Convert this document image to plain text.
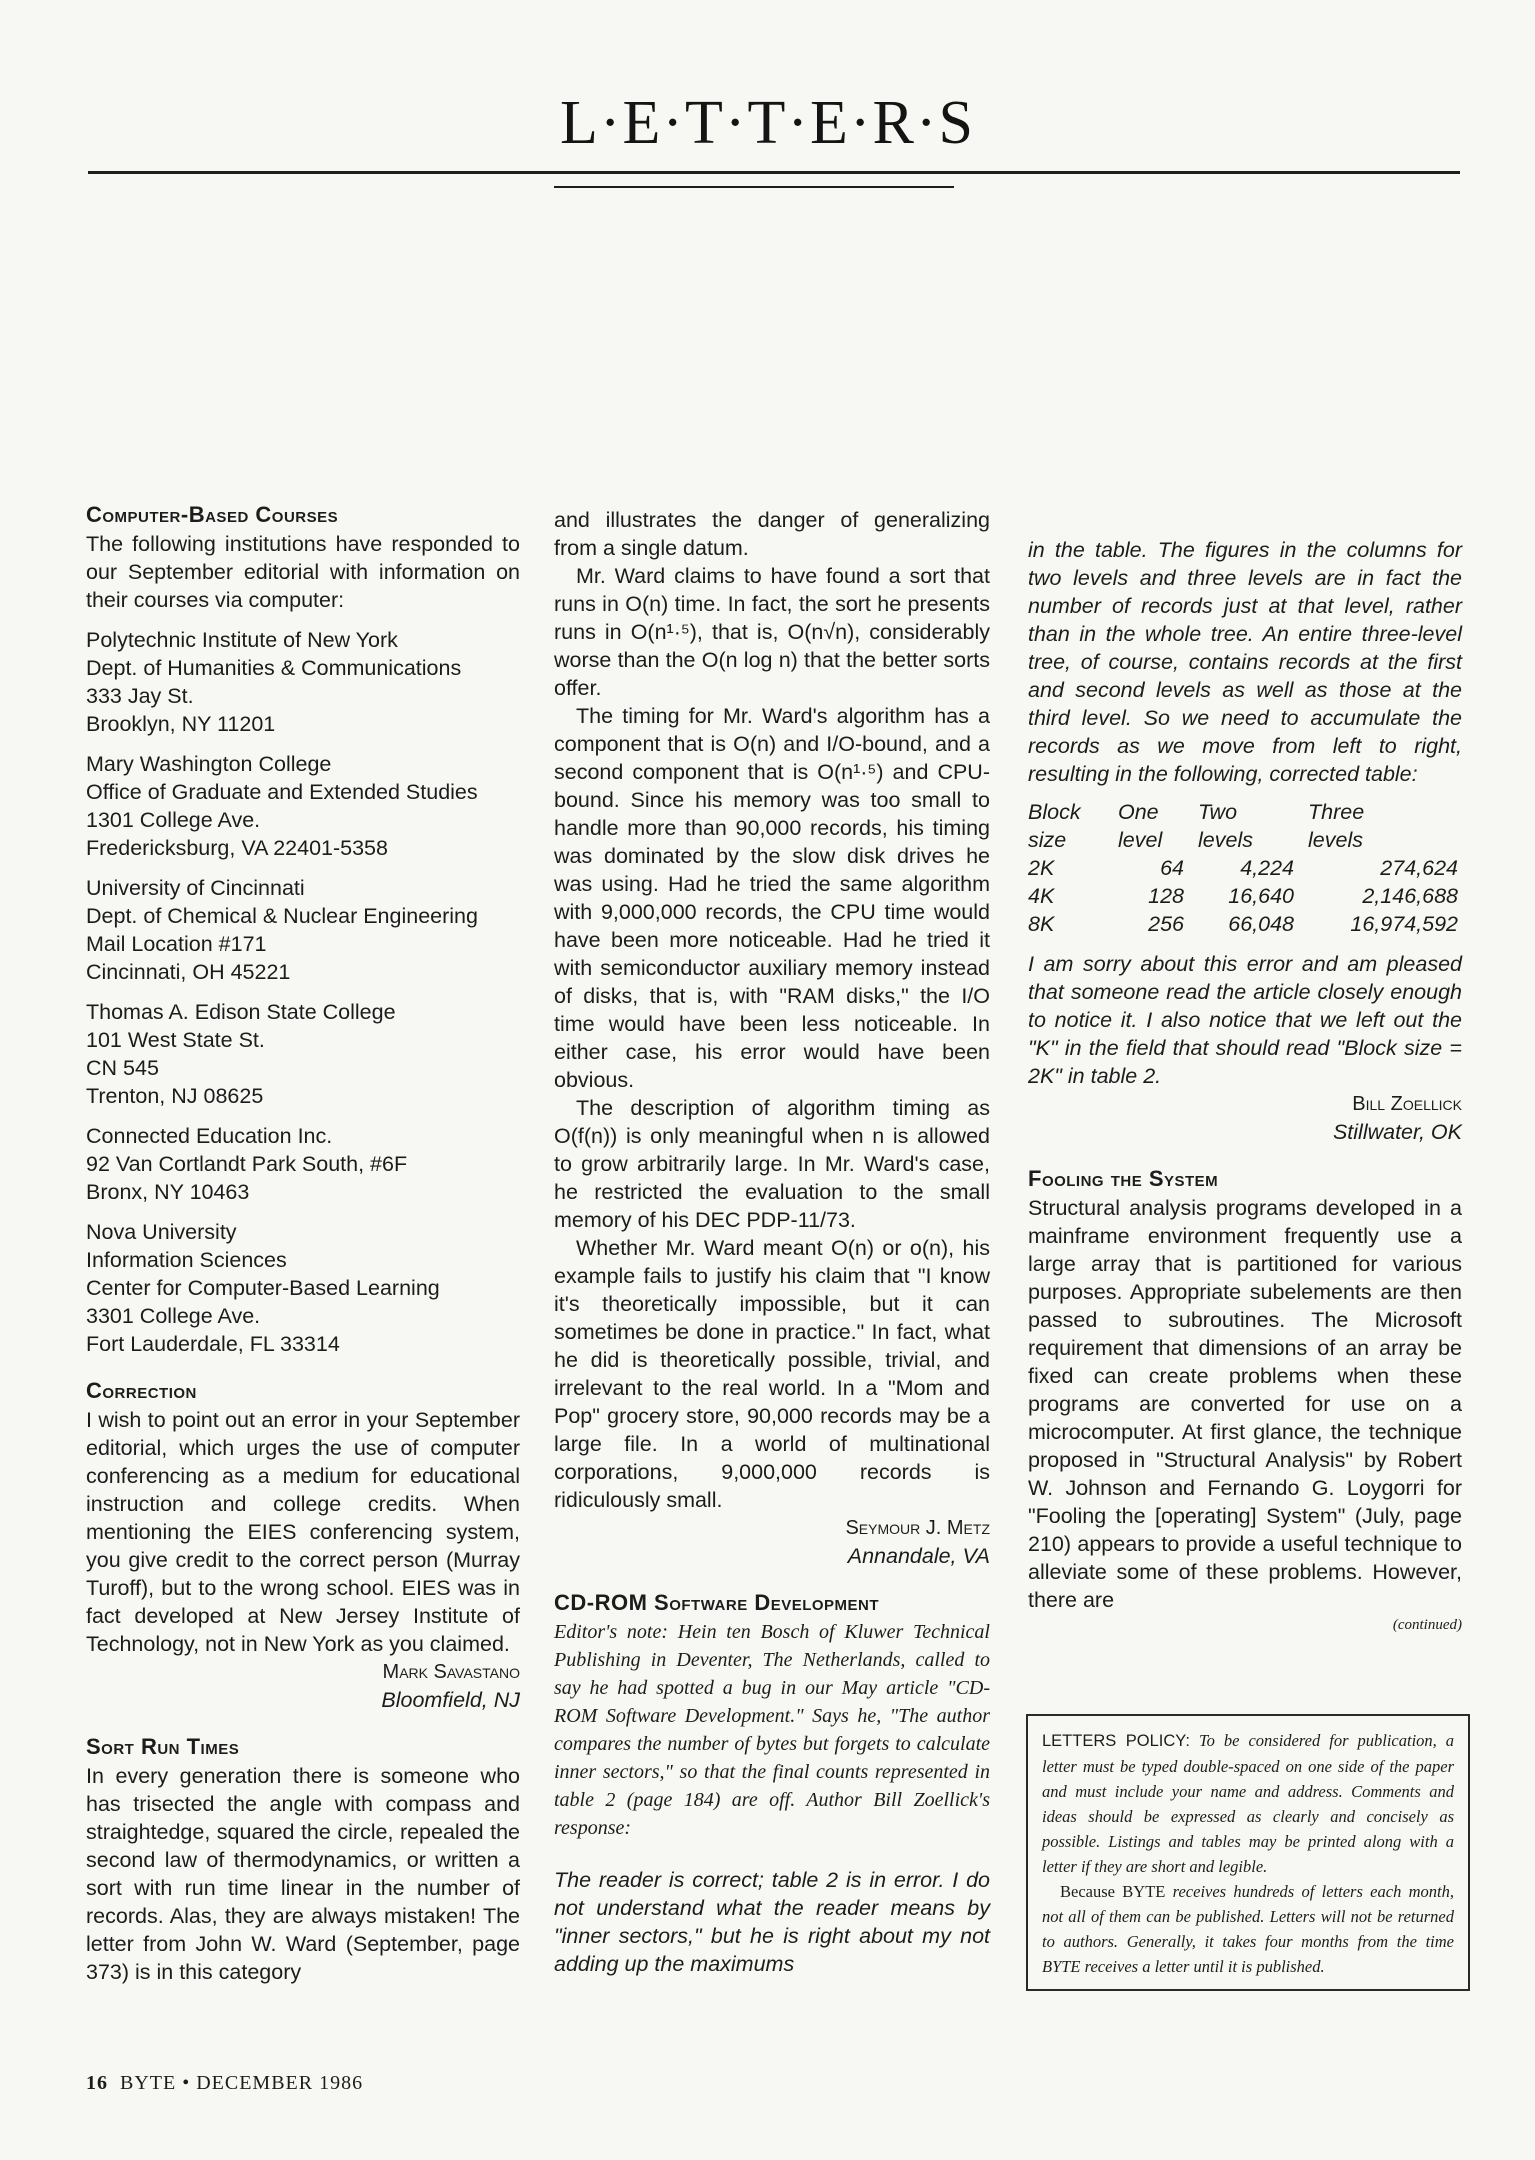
L·E·T·T·E·R·S
Computer-Based Courses

The following institutions have responded to our September editorial with information on their courses via computer:

Polytechnic Institute of New York
Dept. of Humanities & Communications
333 Jay St.
Brooklyn, NY 11201
Mary Washington College
Office of Graduate and Extended Studies
1301 College Ave.
Fredericksburg, VA 22401-5358
University of Cincinnati
Dept. of Chemical & Nuclear Engineering
Mail Location #171
Cincinnati, OH 45221
Thomas A. Edison State College
101 West State St.
CN 545
Trenton, NJ 08625
Connected Education Inc.
92 Van Cortlandt Park South, #6F
Bronx, NY 10463
Nova University
Information Sciences
Center for Computer-Based Learning
3301 College Ave.
Fort Lauderdale, FL 33314
Correction

I wish to point out an error in your September editorial, which urges the use of computer conferencing as a medium for educational instruction and college credits. When mentioning the EIES conferencing system, you give credit to the correct person (Murray Turoff), but to the wrong school. EIES was in fact developed at New Jersey Institute of Technology, not in New York as you claimed.

Mark Savastano
Bloomfield, NJ
Sort Run Times

In every generation there is someone who has trisected the angle with compass and straightedge, squared the circle, repealed the second law of thermodynamics, or written a sort with run time linear in the number of records. Alas, they are always mistaken! The letter from John W. Ward (September, page 373) is in this category

and illustrates the danger of generalizing from a single datum.

Mr. Ward claims to have found a sort that runs in O(n) time. In fact, the sort he presents runs in O(n¹·⁵), that is, O(n√n), considerably worse than the O(n log n) that the better sorts offer.

The timing for Mr. Ward's algorithm has a component that is O(n) and I/O-bound, and a second component that is O(n¹·⁵) and CPU-bound. Since his memory was too small to handle more than 90,000 records, his timing was dominated by the slow disk drives he was using. Had he tried the same algorithm with 9,000,000 records, the CPU time would have been more noticeable. Had he tried it with semiconductor auxiliary memory instead of disks, that is, with "RAM disks," the I/O time would have been less noticeable. In either case, his error would have been obvious.

The description of algorithm timing as O(f(n)) is only meaningful when n is allowed to grow arbitrarily large. In Mr. Ward's case, he restricted the evaluation to the small memory of his DEC PDP-11/73.

Whether Mr. Ward meant O(n) or o(n), his example fails to justify his claim that "I know it's theoretically impossible, but it can sometimes be done in practice." In fact, what he did is theoretically possible, trivial, and irrelevant to the real world. In a "Mom and Pop" grocery store, 90,000 records may be a large file. In a world of multinational corporations, 9,000,000 records is ridiculously small.

Seymour J. Metz
Annandale, VA
CD-ROM Software Development

Editor's note: Hein ten Bosch of Kluwer Technical Publishing in Deventer, The Netherlands, called to say he had spotted a bug in our May article "CD-ROM Software Development." Says he, "The author compares the number of bytes but forgets to calculate inner sectors," so that the final counts represented in table 2 (page 184) are off. Author Bill Zoellick's response:

The reader is correct; table 2 is in error. I do not understand what the reader means by "inner sectors," but he is right about my not adding up the maximums

in the table. The figures in the columns for two levels and three levels are in fact the number of records just at that level, rather than in the whole tree. An entire three-level tree, of course, contains records at the first and second levels as well as those at the third level. So we need to accumulate the records as we move from left to right, resulting in the following, corrected table:

Block	One	Two	Three
size	level	levels	levels
2K	64	4,224	274,624
4K	128	16,640	2,146,688
8K	256	66,048	16,974,592

I am sorry about this error and am pleased that someone read the article closely enough to notice it. I also notice that we left out the "K" in the field that should read "Block size = 2K" in table 2.

Bill Zoellick
Stillwater, OK
Fooling the System

Structural analysis programs developed in a mainframe environment frequently use a large array that is partitioned for various purposes. Appropriate subelements are then passed to subroutines. The Microsoft requirement that dimensions of an array be fixed can create problems when these programs are converted for use on a microcomputer. At first glance, the technique proposed in "Structural Analysis" by Robert W. Johnson and Fernando G. Loygorri for "Fooling the [operating] System" (July, page 210) appears to provide a useful technique to alleviate some of these problems. However, there are

(continued)

LETTERS POLICY: To be considered for publication, a letter must be typed double-spaced on one side of the paper and must include your name and address. Comments and ideas should be expressed as clearly and concisely as possible. Listings and tables may be printed along with a letter if they are short and legible.

Because BYTE receives hundreds of letters each month, not all of them can be published. Letters will not be returned to authors. Generally, it takes four months from the time BYTE receives a letter until it is published.

16 BYTE • DECEMBER 1986
